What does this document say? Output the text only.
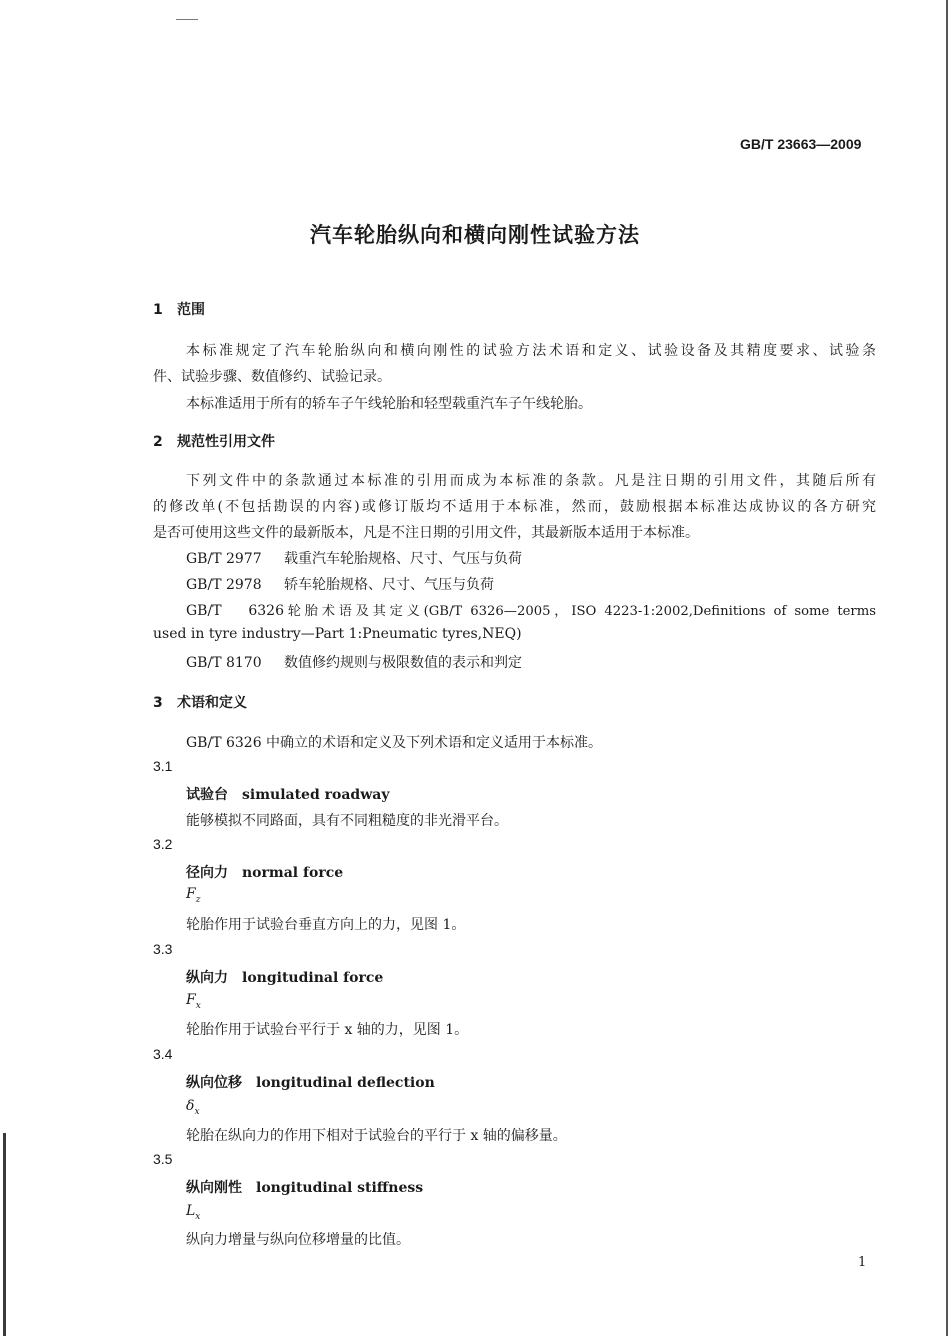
GB/T 23663—2009
汽车轮胎纵向和横向刚性试验方法
1 范围
本标准规定了汽车轮胎纵向和横向刚性的试验方法术语和定义、试验设备及其精度要求、试验条
件、试验步骤、数值修约、试验记录。
本标准适用于所有的轿车子午线轮胎和轻型载重汽车子午线轮胎。
2 规范性引用文件
下列文件中的条款通过本标准的引用而成为本标准的条款。凡是注日期的引用文件，其随后所有
的修改单(不包括勘误的内容)或修订版均不适用于本标准，然而，鼓励根据本标准达成协议的各方研究
是否可使用这些文件的最新版本，凡是不注日期的引用文件，其最新版本适用于本标准。
GB/T 2977 载重汽车轮胎规格、尺寸、气压与负荷
GB/T 2978 轿车轮胎规格、尺寸、气压与负荷
GB/T 6326轮胎术语及其定义(GB/T 6326—2005，ISO 4223-1:2002,Definitions of some terms
used in tyre industry—Part 1:Pneumatic tyres,NEQ)
GB/T 8170 数值修约规则与极限数值的表示和判定
3 术语和定义
GB/T 6326 中确立的术语和定义及下列术语和定义适用于本标准。
3.1
试验台 simulated roadway
能够模拟不同路面，具有不同粗糙度的非光滑平台。
3.2
径向力 normal force
$F_z$
轮胎作用于试验台垂直方向上的力，见图 1。
3.3
纵向力 longitudinal force
$F_x$
轮胎作用于试验台平行于 x 轴的力，见图 1。
3.4
纵向位移 longitudinal deflection
$\delta_x$
轮胎在纵向力的作用下相对于试验台的平行于 x 轴的偏移量。
3.5
纵向刚性 longitudinal stiffness
$L_x$
纵向力增量与纵向位移增量的比值。
1
